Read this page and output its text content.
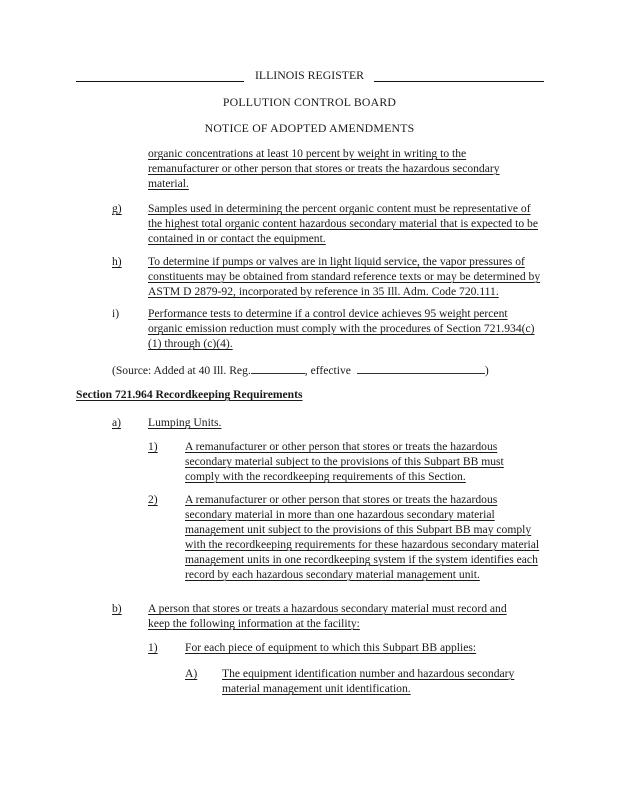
ILLINOIS REGISTER
POLLUTION CONTROL BOARD
NOTICE OF ADOPTED AMENDMENTS
organic concentrations at least 10 percent by weight in writing to the remanufacturer or other person that stores or treats the hazardous secondary material.
g) Samples used in determining the percent organic content must be representative of the highest total organic content hazardous secondary material that is expected to be contained in or contact the equipment.
h) To determine if pumps or valves are in light liquid service, the vapor pressures of constituents may be obtained from standard reference texts or may be determined by ASTM D 2879-92, incorporated by reference in 35 Ill. Adm. Code 720.111.
i) Performance tests to determine if a control device achieves 95 weight percent organic emission reduction must comply with the procedures of Section 721.934(c)(1) through (c)(4).
(Source: Added at 40 Ill. Reg.	, effective	)
Section 721.964 Recordkeeping Requirements
a) Lumping Units.
1) A remanufacturer or other person that stores or treats the hazardous secondary material subject to the provisions of this Subpart BB must comply with the recordkeeping requirements of this Section.
2) A remanufacturer or other person that stores or treats the hazardous secondary material in more than one hazardous secondary material management unit subject to the provisions of this Subpart BB may comply with the recordkeeping requirements for these hazardous secondary material management units in one recordkeeping system if the system identifies each record by each hazardous secondary material management unit.
b) A person that stores or treats a hazardous secondary material must record and keep the following information at the facility:
1) For each piece of equipment to which this Subpart BB applies:
A) The equipment identification number and hazardous secondary material management unit identification.
